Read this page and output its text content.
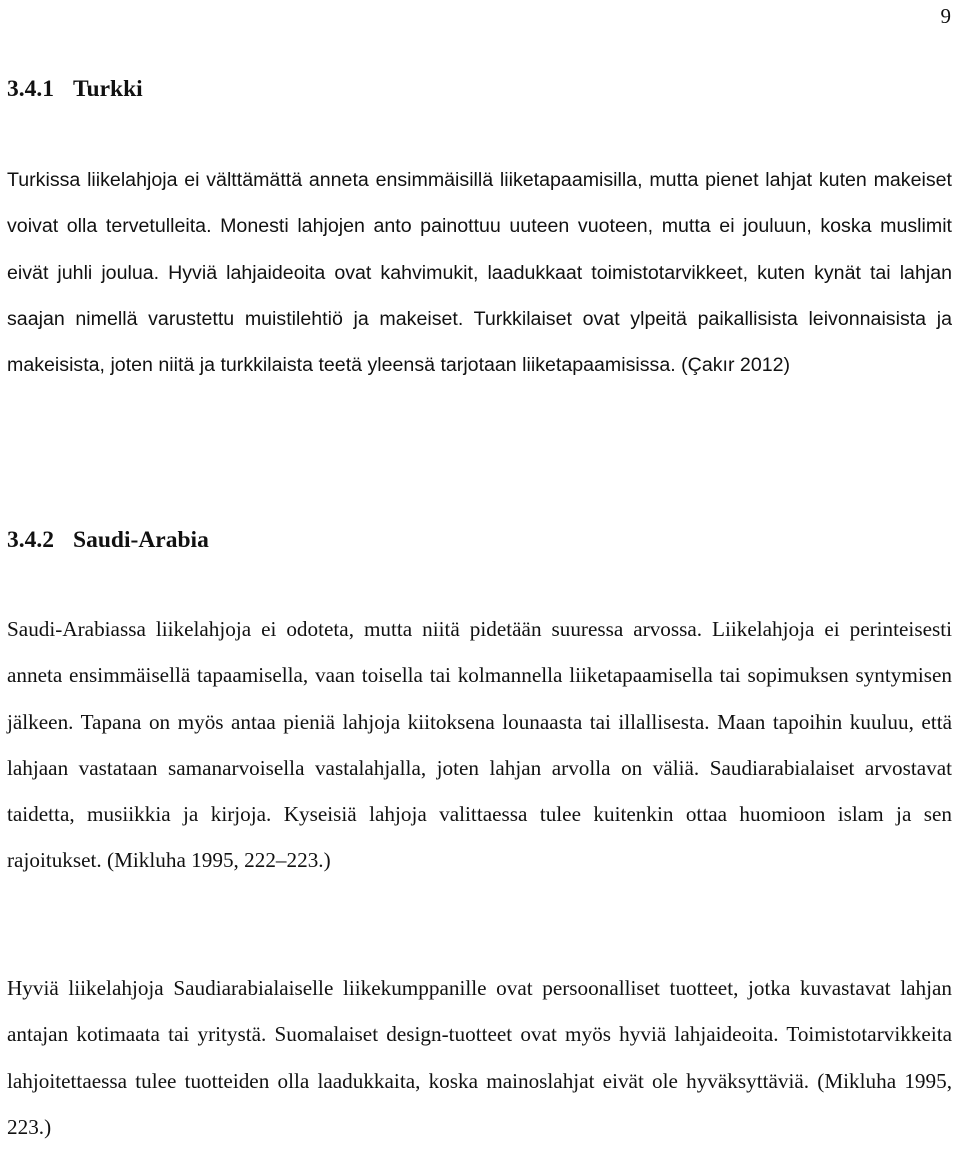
9
3.4.1 Turkki

Turkissa liikelahjoja ei välttämättä anneta ensimmäisillä liiketapaamisilla, mutta pienet lahjat kuten makeiset voivat olla tervetulleita. Monesti lahjojen anto painottuu uuteen vuoteen, mutta ei jouluun, koska muslimit eivät juhli joulua. Hyviä lahjaideoita ovat kahvimukit, laadukkaat toimistotarvikkeet, kuten kynät tai lahjan saajan nimellä varustettu muistilehtiö ja makeiset. Turkkilaiset ovat ylpeitä paikallisista leivonnaisista ja makeisista, joten niitä ja turkkilaista teetä yleensä tarjotaan liiketapaamisissa. (Çakır 2012)

3.4.2 Saudi-Arabia

Saudi-Arabiassa liikelahjoja ei odoteta, mutta niitä pidetään suuressa arvossa. Liikelahjoja ei perinteisesti anneta ensimmäisellä tapaamisella, vaan toisella tai kolmannella liiketapaamisella tai sopimuksen syntymisen jälkeen. Tapana on myös antaa pieniä lahjoja kiitoksena lounaasta tai illallisesta. Maan tapoihin kuuluu, että lahjaan vastataan samanarvoisella vastalahjalla, joten lahjan arvolla on väliä. Saudiarabialaiset arvostavat taidetta, musiikkia ja kirjoja. Kyseisiä lahjoja valittaessa tulee kuitenkin ottaa huomioon islam ja sen rajoitukset. (Mikluha 1995, 222–223.)

Hyviä liikelahjoja Saudiarabialaiselle liikekumppanille ovat persoonalliset tuotteet, jotka kuvastavat lahjan antajan kotimaata tai yritystä. Suomalaiset design-tuotteet ovat myös hyviä lahjaideoita. Toimistotarvikkeita lahjoitettaessa tulee tuotteiden olla laadukkaita, koska mainoslahjat eivät ole hyväksyttäviä. (Mikluha 1995, 223.)
